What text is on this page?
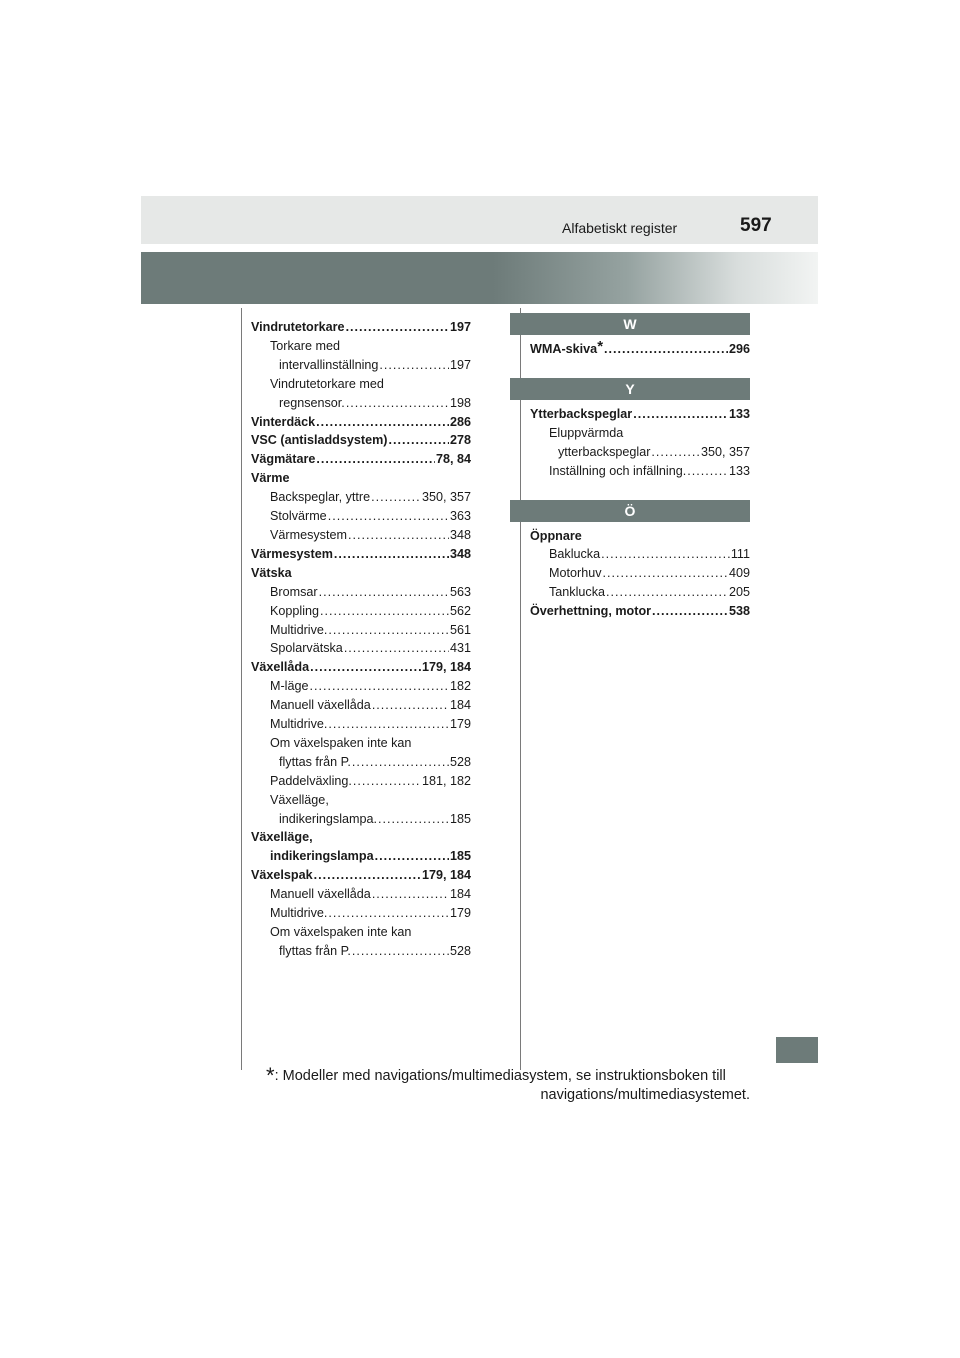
Alfabetiskt register	597
Vindrutetorkare .....	197
Torkare med
intervallinställning .....	197
Vindrutetorkare med
regnsensor. .....	198
Vinterdäck .....	286
VSC (antisladdsystem) .....	278
Vägmätare .....	78, 84
Värme
Backspeglar, yttre .....	350, 357
Stolvärme .....	363
Värmesystem .....	348
Värmesystem .....	348
Vätska
Bromsar .....	563
Koppling .....	562
Multidrive. .....	561
Spolarvätska .....	431
Växellåda .....	179, 184
M-läge .....	182
Manuell växellåda .....	184
Multidrive. .....	179
Om växelspaken inte kan
flyttas från P. .....	528
Paddelväxling. .....	181, 182
Växelläge,
indikeringslampa. .....	185
Växelläge,
indikeringslampa .....	185
Växelspak .....	179, 184
Manuell växellåda .....	184
Multidrive. .....	179
Om växelspaken inte kan
flyttas från P. .....	528
W
WMA-skiva* .....	296
Y
Ytterbackspeglar .....	133
Eluppvärmda
ytterbackspeglar .....	350, 357
Inställning och infällning. .....	133
Ö
Öppnare
Baklucka .....	111
Motorhuv .....	409
Tanklucka .....	205
Överhettning, motor .....	538
*: Modeller med navigations/multimediasystem, se instruktionsboken till
navigations/multimediasystemet.
